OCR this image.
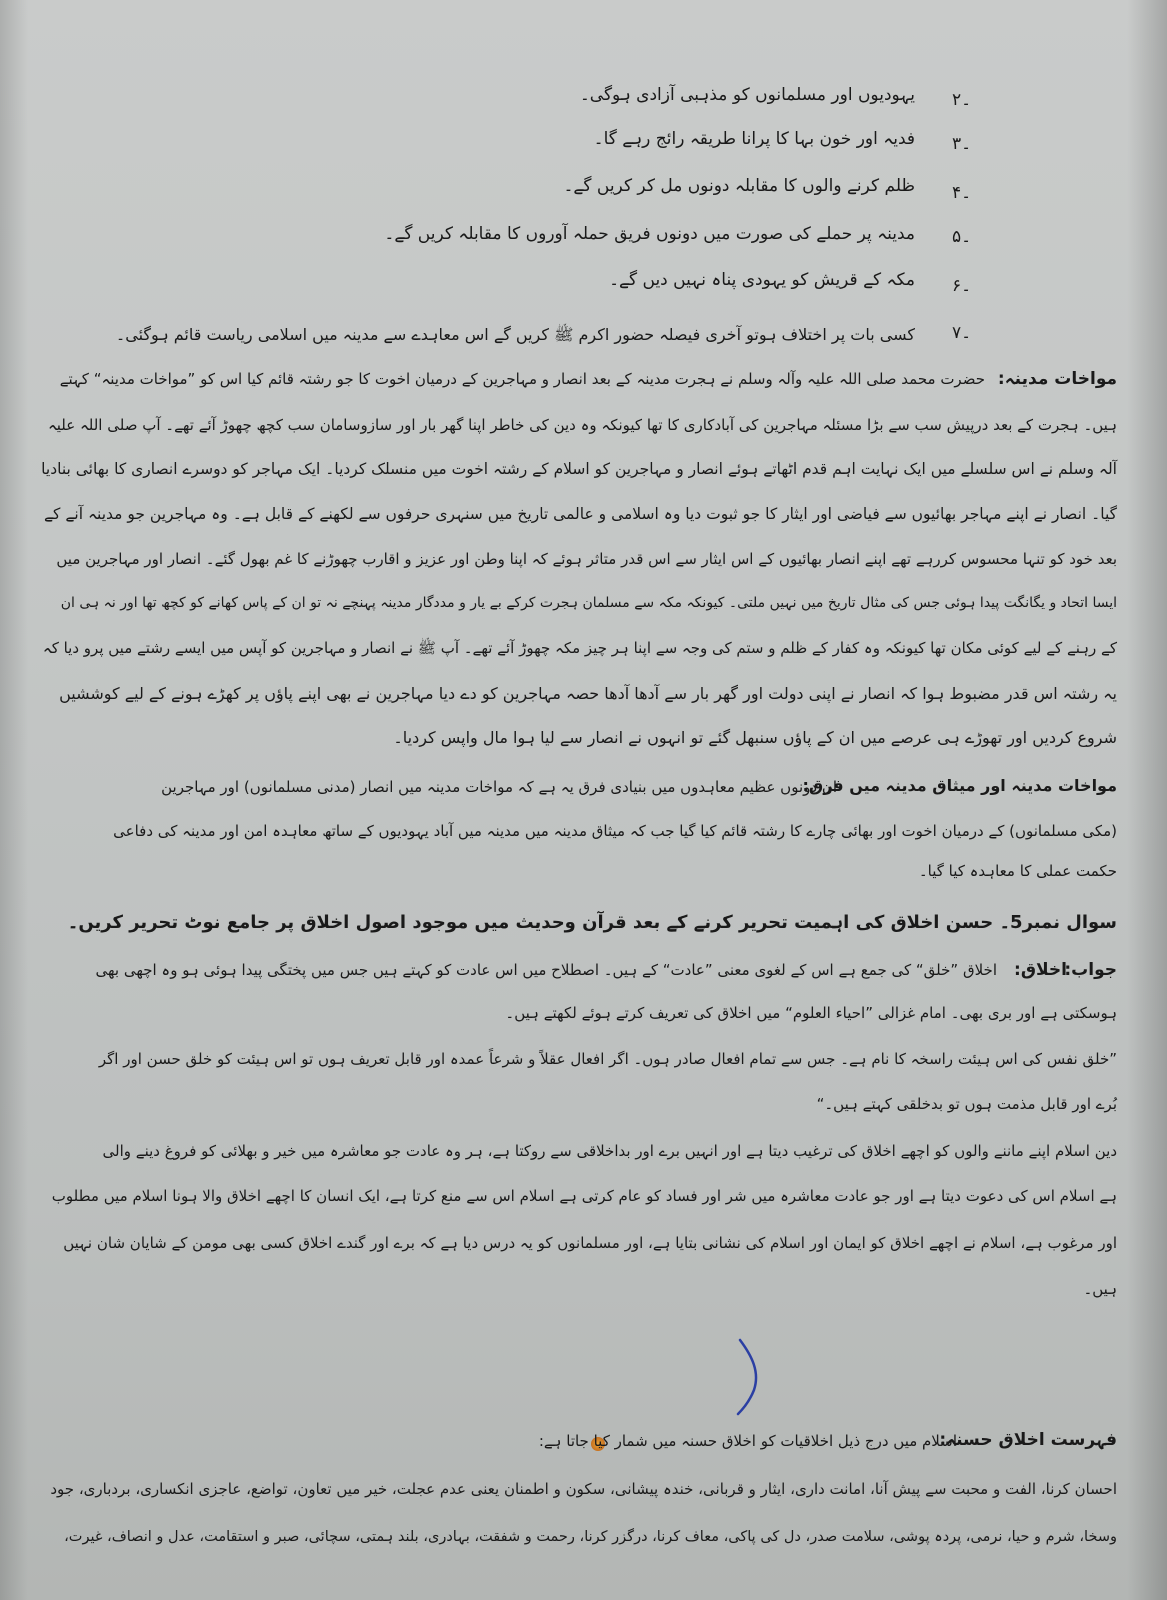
۲۔
یہودیوں اور مسلمانوں کو مذہبی آزادی ہوگی۔
۳۔
فدیہ اور خون بہا کا پرانا طریقہ رائج رہے گا۔
۴۔
ظلم کرنے والوں کا مقابلہ دونوں مل کر کریں گے۔
۵۔
مدینہ پر حملے کی صورت میں دونوں فریق حملہ آوروں کا مقابلہ کریں گے۔
۶۔
مکہ کے قریش کو یہودی پناہ نہیں دیں گے۔
۷۔
کسی بات پر اختلاف ہوتو آخری فیصلہ حضور اکرم ﷺ کریں گے اس معاہدے سے مدینہ میں اسلامی ریاست قائم ہوگئی۔
مواخات مدینہ:
حضرت محمد صلی اللہ علیہ وآلہ وسلم نے ہجرت مدینہ کے بعد انصار و مہاجرین کے درمیان اخوت کا جو رشتہ قائم کیا اس کو ”مواخات مدینہ“ کہتے
ہیں۔ ہجرت کے بعد درپیش سب سے بڑا مسئلہ مہاجرین کی آبادکاری کا تھا کیونکہ وہ دین کی خاطر اپنا گھر بار اور سازوسامان سب کچھ چھوڑ آئے تھے۔ آپ صلی اللہ علیہ
آلہ وسلم نے اس سلسلے میں ایک نہایت اہم قدم اٹھاتے ہوئے انصار و مہاجرین کو اسلام کے رشتہ اخوت میں منسلک کردیا۔ ایک مہاجر کو دوسرے انصاری کا بھائی بنادیا
گیا۔ انصار نے اپنے مہاجر بھائیوں سے فیاضی اور ایثار کا جو ثبوت دیا وہ اسلامی و عالمی تاریخ میں سنہری حرفوں سے لکھنے کے قابل ہے۔ وہ مہاجرین جو مدینہ آنے کے
بعد خود کو تنہا محسوس کررہے تھے اپنے انصار بھائیوں کے اس ایثار سے اس قدر متاثر ہوئے کہ اپنا وطن اور عزیز و اقارب چھوڑنے کا غم بھول گئے۔ انصار اور مہاجرین میں
ایسا اتحاد و یگانگت پیدا ہوئی جس کی مثال تاریخ میں نہیں ملتی۔ کیونکہ مکہ سے مسلمان ہجرت کرکے بے یار و مددگار مدینہ پہنچے نہ تو ان کے پاس کھانے کو کچھ تھا اور نہ ہی ان
کے رہنے کے لیے کوئی مکان تھا کیونکہ وہ کفار کے ظلم و ستم کی وجہ سے اپنا ہر چیز مکہ چھوڑ آئے تھے۔ آپ ﷺ نے انصار و مہاجرین کو آپس میں ایسے رشتے میں پرو دیا کہ
یہ رشتہ اس قدر مضبوط ہوا کہ انصار نے اپنی دولت اور گھر بار سے آدھا آدھا حصہ مہاجرین کو دے دیا مہاجرین نے بھی اپنے پاؤں پر کھڑے ہونے کے لیے کوششیں
شروع کردیں اور تھوڑے ہی عرصے میں ان کے پاؤں سنبھل گئے تو انہوں نے انصار سے لیا ہوا مال واپس کردیا۔
مواخات مدینہ اور میثاق مدینہ میں فرق:
ان دونوں عظیم معاہدوں میں بنیادی فرق یہ ہے کہ مواخات مدینہ میں انصار (مدنی مسلمانوں) اور مہاجرین
(مکی مسلمانوں) کے درمیان اخوت اور بھائی چارے کا رشتہ قائم کیا گیا جب کہ میثاق مدینہ میں مدینہ میں آباد یہودیوں کے ساتھ معاہدہ امن اور مدینہ کی دفاعی
حکمت عملی کا معاہدہ کیا گیا۔
سوال نمبر5۔ حسن اخلاق کی اہمیت تحریر کرنے کے بعد قرآن وحدیث میں موجود اصول اخلاق پر جامع نوٹ تحریر کریں۔
جواب:
اخلاق:
اخلاق ”خلق“ کی جمع ہے اس کے لغوی معنی ”عادت“ کے ہیں۔ اصطلاح میں اس عادت کو کہتے ہیں جس میں پختگی پیدا ہوئی ہو وہ اچھی بھی
ہوسکتی ہے اور بری بھی۔ امام غزالی ”احیاء العلوم“ میں اخلاق کی تعریف کرتے ہوئے لکھتے ہیں۔
”خلق نفس کی اس ہیئت راسخہ کا نام ہے۔ جس سے تمام افعال صادر ہوں۔ اگر افعال عقلاً و شرعاً عمدہ اور قابل تعریف ہوں تو اس ہیئت کو خلق حسن اور اگر
بُرے اور قابل مذمت ہوں تو بدخلقی کہتے ہیں۔“
دین اسلام اپنے ماننے والوں کو اچھے اخلاق کی ترغیب دیتا ہے اور انہیں برے اور بداخلاقی سے روکتا ہے، ہر وہ عادت جو معاشرہ میں خیر و بھلائی کو فروغ دینے والی
ہے اسلام اس کی دعوت دیتا ہے اور جو عادت معاشرہ میں شر اور فساد کو عام کرتی ہے اسلام اس سے منع کرتا ہے، ایک انسان کا اچھے اخلاق والا ہونا اسلام میں مطلوب
اور مرغوب ہے، اسلام نے اچھے اخلاق کو ایمان اور اسلام کی نشانی بتایا ہے، اور مسلمانوں کو یہ درس دیا ہے کہ برے اور گندے اخلاق کسی بھی مومن کے شایان شان نہیں
ہیں۔
فہرست اخلاق حسنہ:
اسلام میں درج ذیل اخلاقیات کو اخلاق حسنہ میں شمار کیا جاتا ہے:
احسان کرنا، الفت و محبت سے پیش آنا، امانت داری، ایثار و قربانی، خندہ پیشانی، سکون و اطمنان یعنی عدم عجلت، خیر میں تعاون، تواضع، عاجزی انکساری، بردباری، جود
وسخا، شرم و حیا، نرمی، پردہ پوشی، سلامت صدر، دل کی پاکی، معاف کرنا، درگزر کرنا، رحمت و شفقت، بہادری، بلند ہمتی، سچائی، صبر و استقامت، عدل و انصاف، غیرت،
